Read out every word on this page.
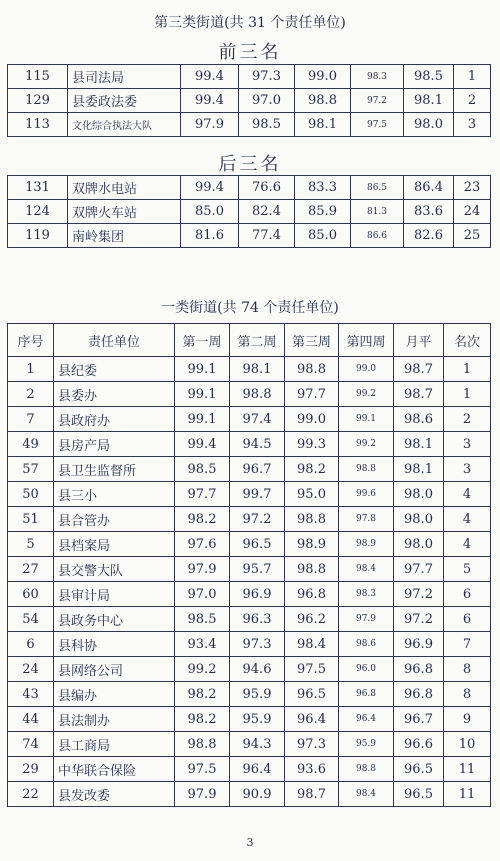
第三类街道(共 31 个责任单位)
前三名
115	县司法局	99.4	97.3	99.0	98.3	98.5	1
129	县委政法委	99.4	97.0	98.8	97.2	98.1	2
113	文化综合执法大队	97.9	98.5	98.1	97.5	98.0	3
后三名
131	双牌水电站	99.4	76.6	83.3	86.5	86.4	23
124	双牌火车站	85.0	82.4	85.9	81.3	83.6	24
119	南岭集团	81.6	77.4	85.0	86.6	82.6	25
一类街道(共 74 个责任单位)
序号	责任单位	第一周	第二周	第三周	第四周	月平	名次
1	县纪委	99.1	98.1	98.8	99.0	98.7	1
2	县委办	99.1	98.8	97.7	99.2	98.7	1
7	县政府办	99.1	97.4	99.0	99.1	98.6	2
49	县房产局	99.4	94.5	99.3	99.2	98.1	3
57	县卫生监督所	98.5	96.7	98.2	98.8	98.1	3
50	县三小	97.7	99.7	95.0	99.6	98.0	4
51	县合管办	98.2	97.2	98.8	97.8	98.0	4
5	县档案局	97.6	96.5	98.9	98.9	98.0	4
27	县交警大队	97.9	95.7	98.8	98.4	97.7	5
60	县审计局	97.0	96.9	96.8	98.3	97.2	6
54	县政务中心	98.5	96.3	96.2	97.9	97.2	6
6	县科协	93.4	97.3	98.4	98.6	96.9	7
24	县网络公司	99.2	94.6	97.5	96.0	96.8	8
43	县编办	98.2	95.9	96.5	96.8	96.8	8
44	县法制办	98.2	95.9	96.4	96.4	96.7	9
74	县工商局	98.8	94.3	97.3	95.9	96.6	10
29	中华联合保险	97.5	96.4	93.6	98.8	96.5	11
22	县发改委	97.9	90.9	98.7	98.4	96.5	11
3
